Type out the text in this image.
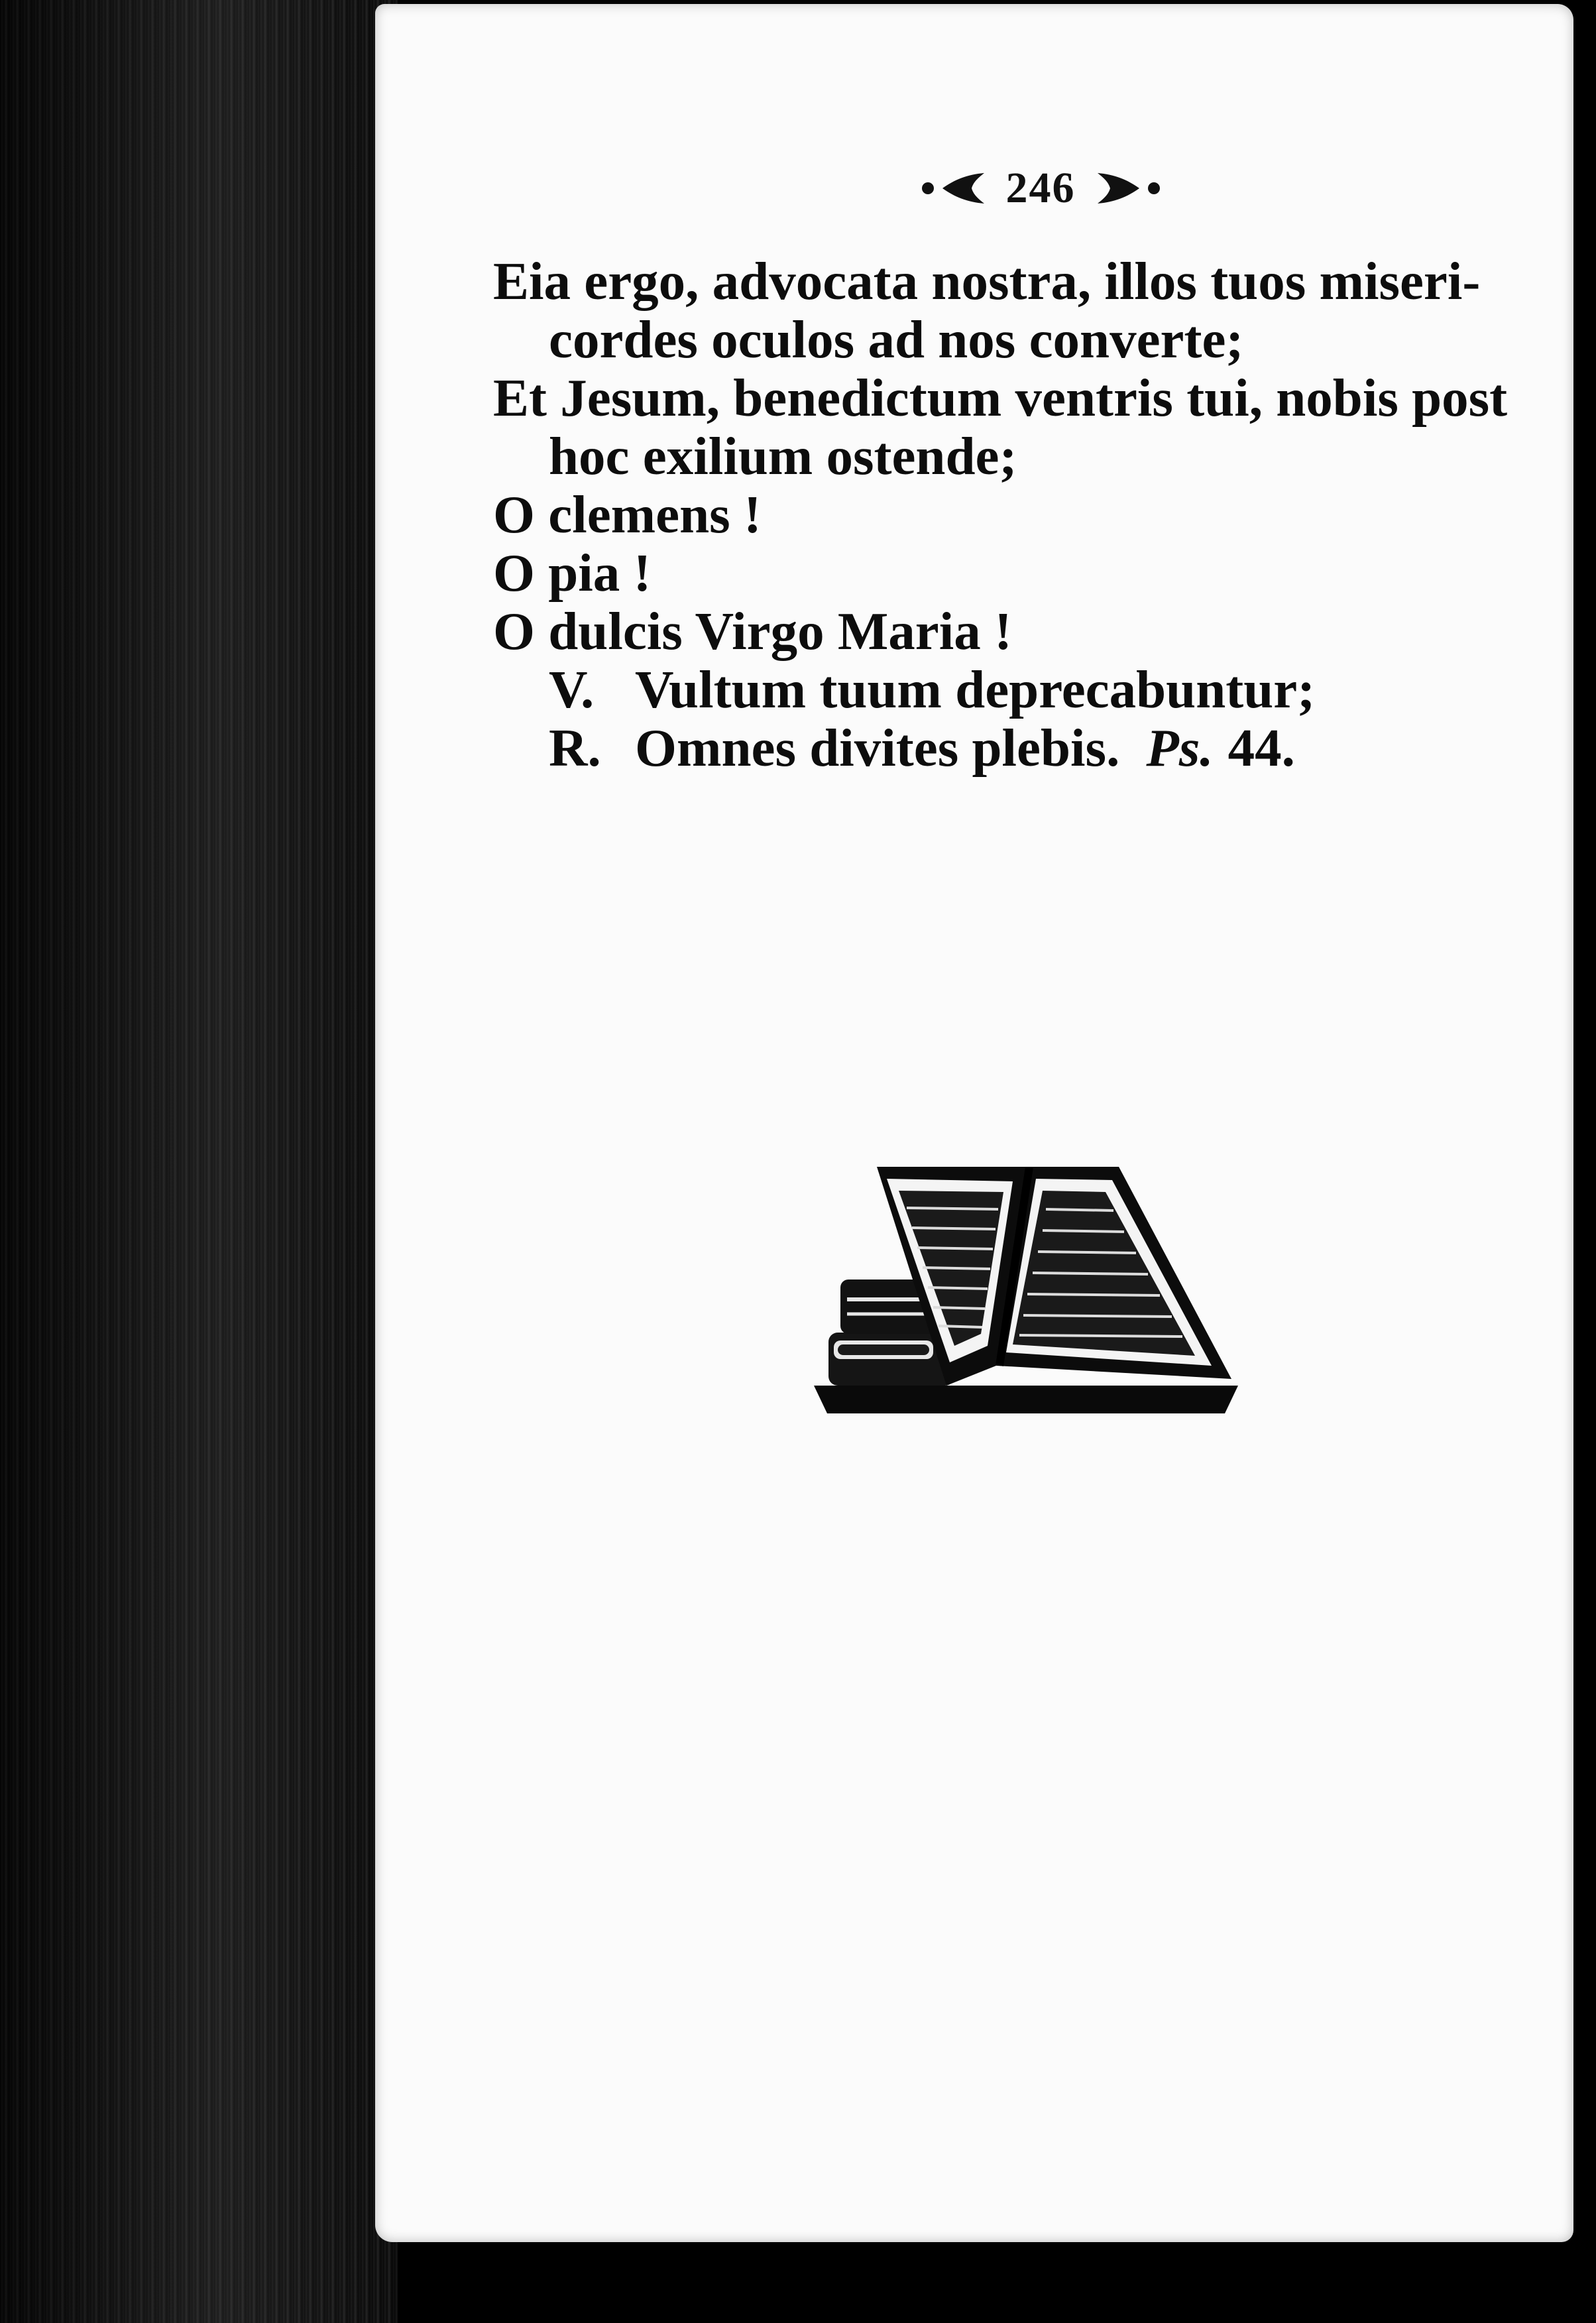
246
Eia ergo, advocata nostra, illos tuos miseri-
cordes oculos ad nos converte;
Et Jesum, benedictum ventris tui, nobis post
hoc exilium ostende;
O clemens !
O pia !
O dulcis Virgo Maria !
V. Vultum tuum deprecabuntur;
R. Omnes divites plebis. Ps. 44.
